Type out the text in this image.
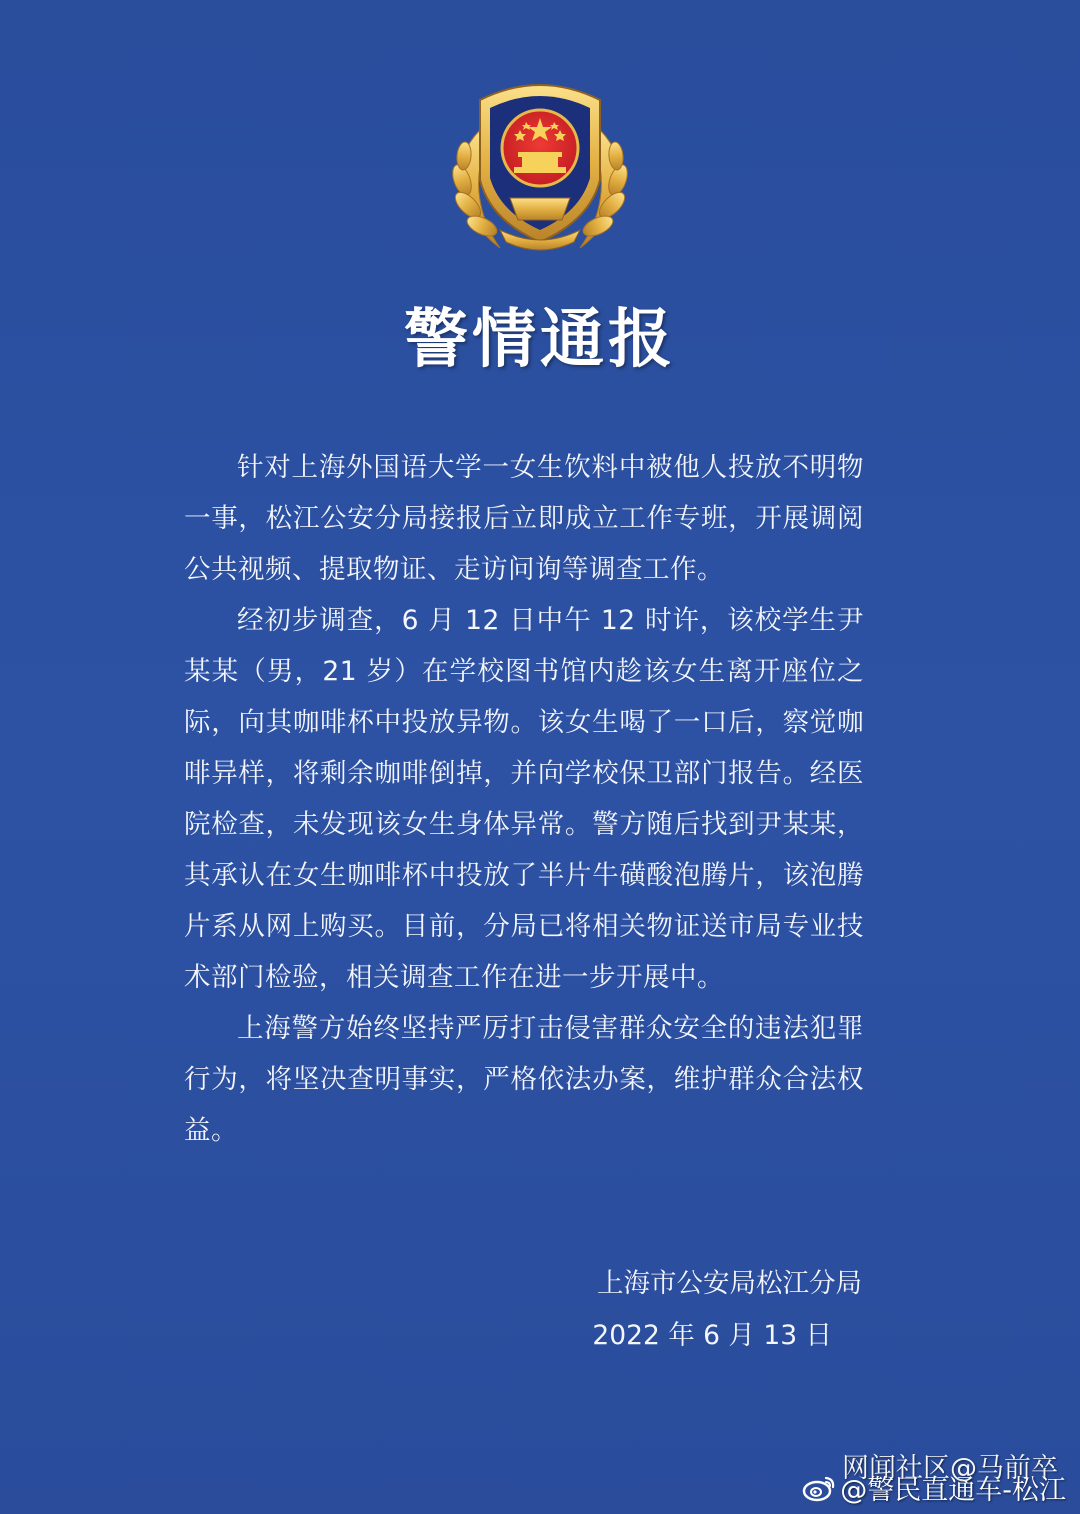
警情通报

针对上海外国语大学一女生饮料中被他人投放不明物一事，松江公安分局接报后立即成立工作专班，开展调阅公共视频、提取物证、走访问询等调查工作。

经初步调查，6 月 12 日中午 12 时许，该校学生尹某某（男，21 岁）在学校图书馆内趁该女生离开座位之际，向其咖啡杯中投放异物。该女生喝了一口后，察觉咖啡异样，将剩余咖啡倒掉，并向学校保卫部门报告。经医院检查，未发现该女生身体异常。警方随后找到尹某某，其承认在女生咖啡杯中投放了半片牛磺酸泡腾片，该泡腾片系从网上购买。目前，分局已将相关物证送市局专业技术部门检验，相关调查工作在进一步开展中。

上海警方始终坚持严厉打击侵害群众安全的违法犯罪行为，将坚决查明事实，严格依法办案，维护群众合法权益。

上海市公安局松江分局
2022 年 6 月 13 日
网闻社区@马前卒
@警民直通车-松江
